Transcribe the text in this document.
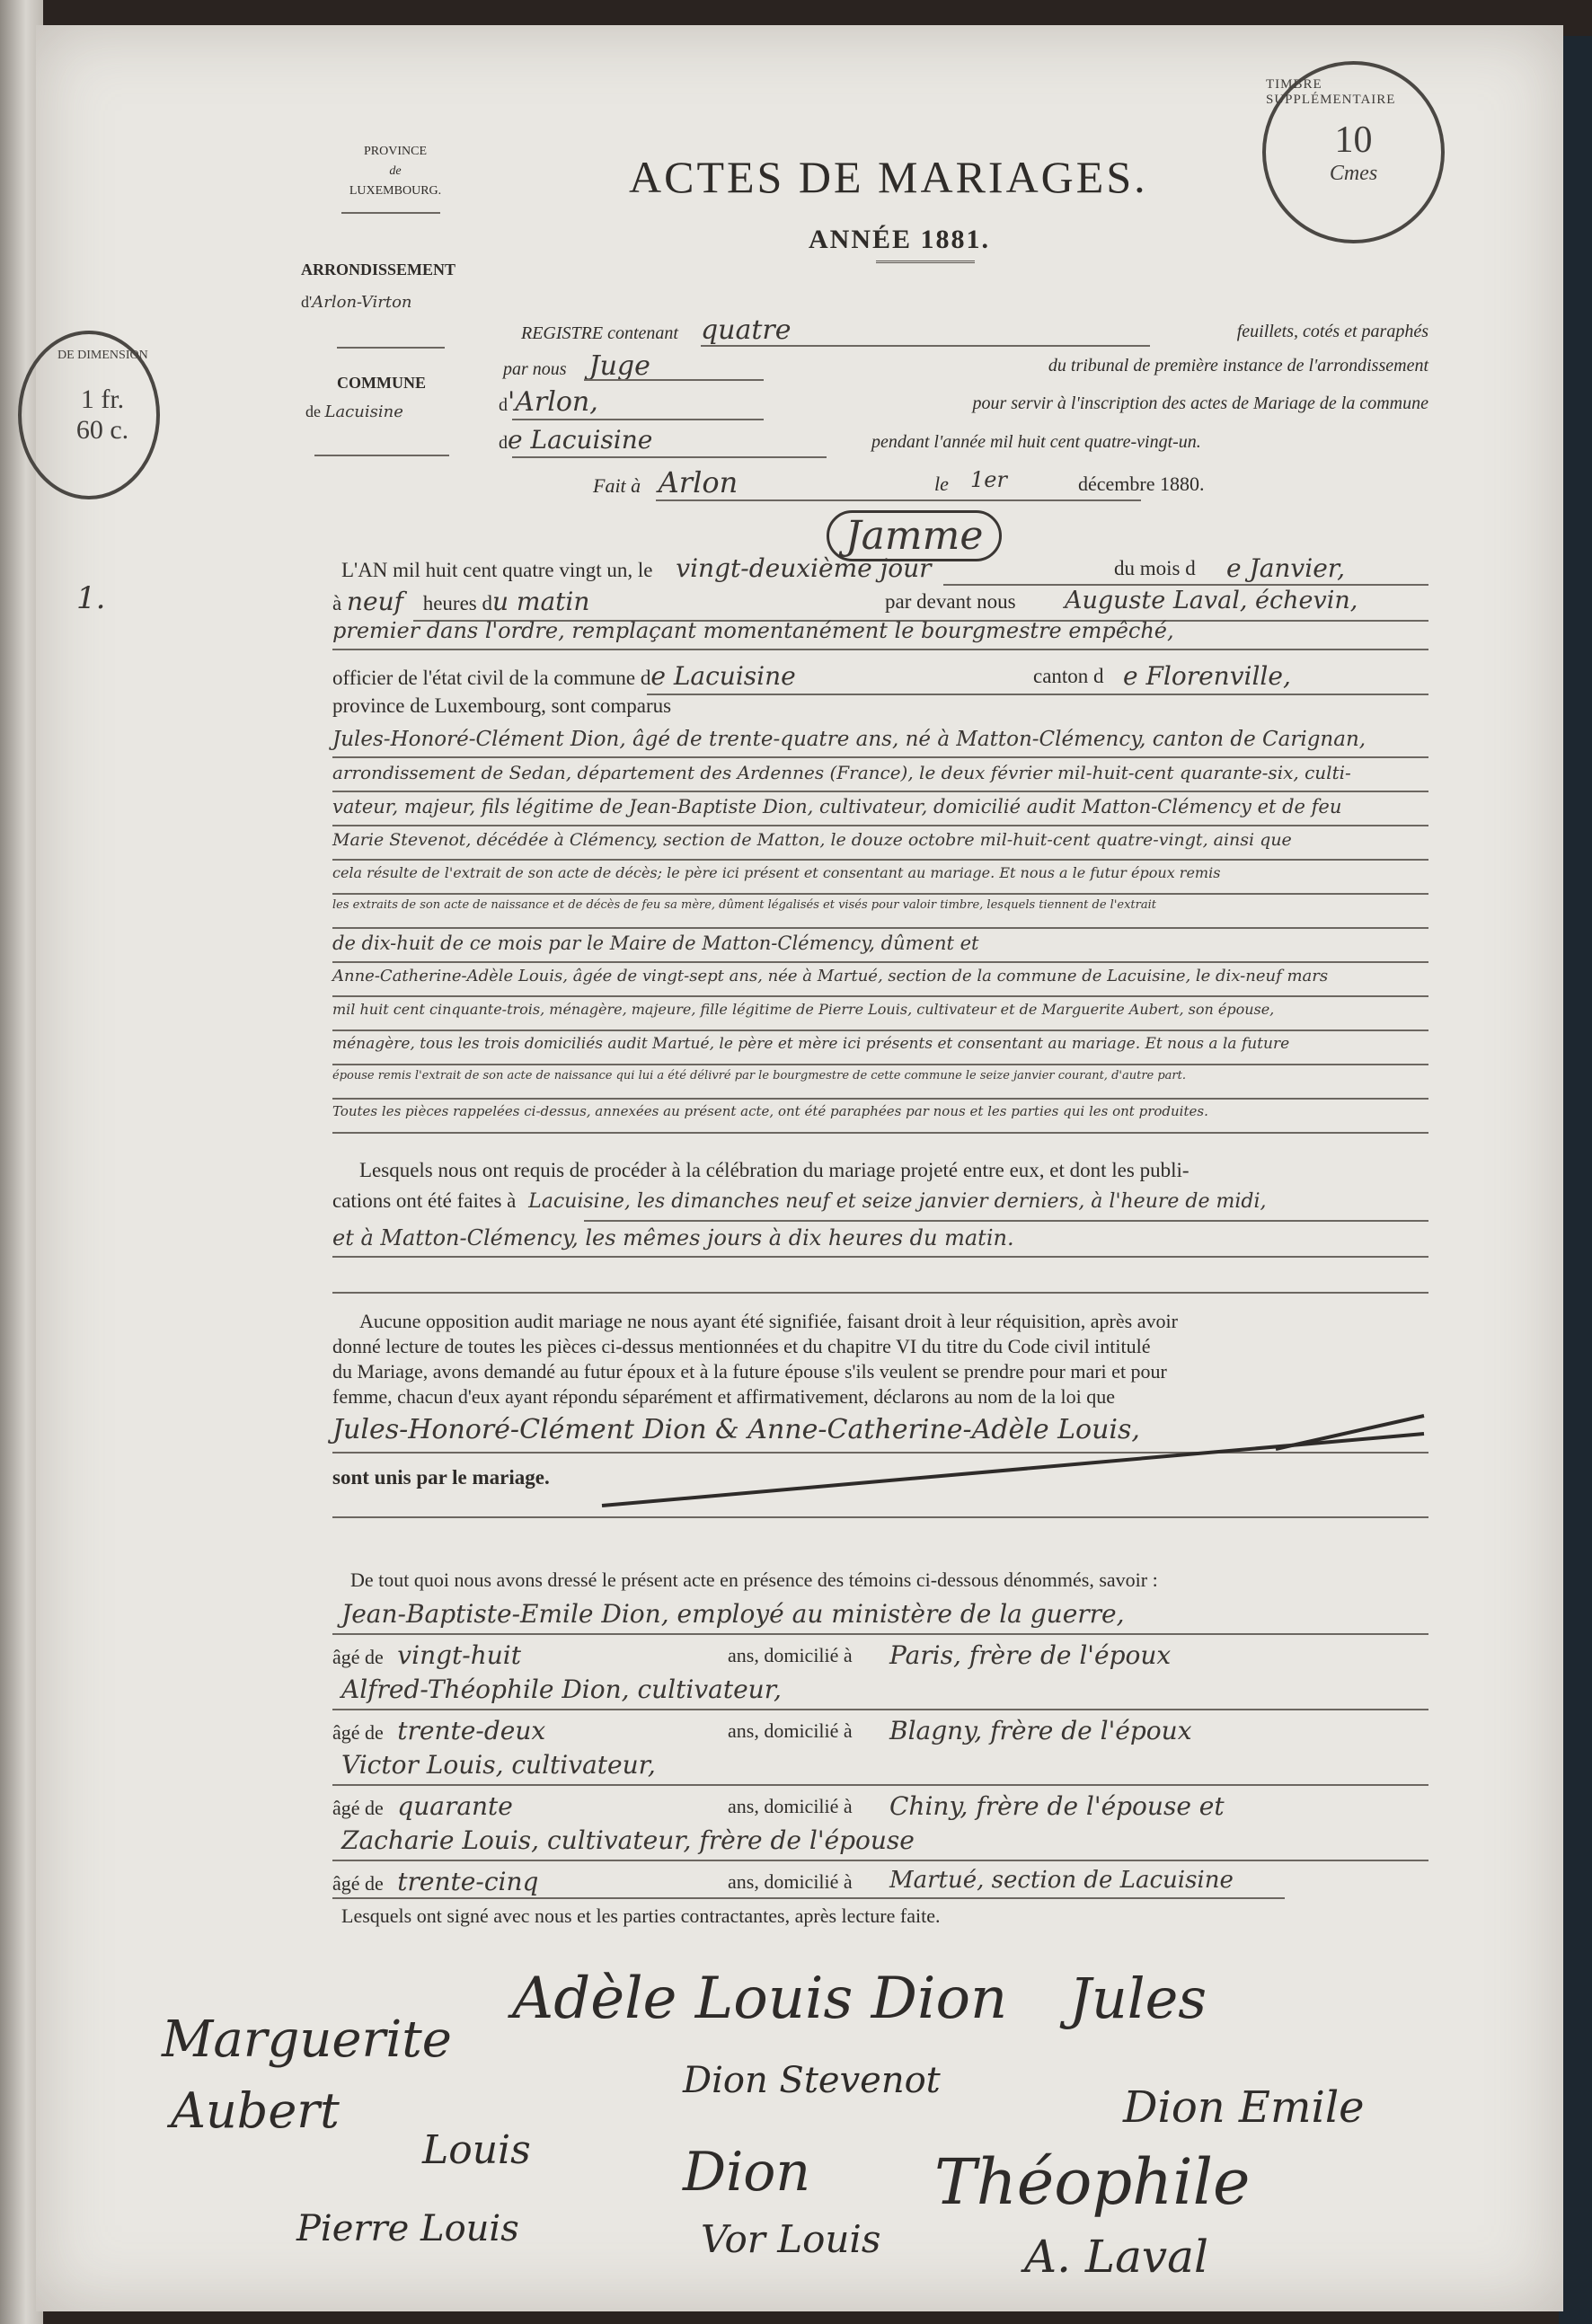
PROVINCE
de
LUXEMBOURG.
ARRONDISSEMENT
d'Arlon-Virton
COMMUNE
de Lacuisine
ACTES DE MARIAGES.
ANNÉE 1881.
TIMBRE SUPPLÉMENTAIRE
10
Cmes
DE DIMENSION
1 fr.
60 c.
1.
REGISTRE contenant quatre	feuillets, cotés et paraphés
par nous Juge	du tribunal de première instance de l'arrondissement
d'Arlon,	pour servir à l'inscription des actes de Mariage de la commune
de Lacuisine	pendant l'année mil huit cent quatre-vingt-un.
Fait à Arlon	le 1er	décembre 1880.
Jamme
L'AN mil huit cent quatre vingt un, le vingt-deuxième jour	du mois d e Janvier,
à neuf heures du matin	par devant nous Auguste Laval, échevin,
premier dans l'ordre, remplaçant momentanément le bourgmestre empêché,
officier de l'état civil de la commune de Lacuisine	canton d e Florenville,
province de Luxembourg, sont comparus
Jules-Honoré-Clément Dion, âgé de trente-quatre ans, né à Matton-Clémency, canton de Carignan,
arrondissement de Sedan, département des Ardennes (France), le deux février mil-huit-cent quarante-six, culti-
vateur, majeur, fils légitime de Jean-Baptiste Dion, cultivateur, domicilié audit Matton-Clémency et de feu
Marie Stevenot, décédée à Clémency, section de Matton, le douze octobre mil-huit-cent quatre-vingt, ainsi que
cela résulte de l'extrait de son acte de décès; le père ici présent et consentant au mariage. Et nous a le futur époux remis
les extraits de son acte de naissance et de décès de feu sa mère, dûment légalisés et visés pour valoir timbre, lesquels tiennent de l'extrait
de dix-huit de ce mois par le Maire de Matton-Clémency, dûment et
Anne-Catherine-Adèle Louis, âgée de vingt-sept ans, née à Martué, section de la commune de Lacuisine, le dix-neuf mars
mil huit cent cinquante-trois, ménagère, majeure, fille légitime de Pierre Louis, cultivateur et de Marguerite Aubert, son épouse,
ménagère, tous les trois domiciliés audit Martué, le père et mère ici présents et consentant au mariage. Et nous a la future
épouse remis l'extrait de son acte de naissance qui lui a été délivré par le bourgmestre de cette commune le seize janvier courant, d'autre part.
Toutes les pièces rappelées ci-dessus, annexées au présent acte, ont été paraphées par nous et les parties qui les ont produites.
Lesquels nous ont requis de procéder à la célébration du mariage projeté entre eux, et dont les publi-
cations ont été faites à Lacuisine, les dimanches neuf et seize janvier derniers, à l'heure de midi,
et à Matton-Clémency, les mêmes jours à dix heures du matin.
Aucune opposition audit mariage ne nous ayant été signifiée, faisant droit à leur réquisition, après avoir
donné lecture de toutes les pièces ci-dessus mentionnées et du chapitre VI du titre du Code civil intitulé
du Mariage, avons demandé au futur époux et à la future épouse s'ils veulent se prendre pour mari et pour
femme, chacun d'eux ayant répondu séparément et affirmativement, déclarons au nom de la loi que
Jules-Honoré-Clément Dion & Anne-Catherine-Adèle Louis,
sont unis par le mariage.
De tout quoi nous avons dressé le présent acte en présence des témoins ci-dessous dénommés, savoir :
Jean-Baptiste-Emile Dion, employé au ministère de la guerre,
âgé de vingt-huit	ans, domicilié à Paris, frère de l'époux
Alfred-Théophile Dion, cultivateur,
âgé de trente-deux	ans, domicilié à Blagny, frère de l'époux
Victor Louis, cultivateur,
âgé de quarante	ans, domicilié à Chiny, frère de l'épouse et
Zacharie Louis, cultivateur, frère de l'épouse
âgé de trente-cinq	ans, domicilié à Martué, section de Lacuisine
Lesquels ont signé avec nous et les parties contractantes, après lecture faite.
Marguerite
Adèle Louis Dion Jules
Aubert
Dion Stevenot
Dion Emile
Louis	Dion Théophile
Pierre Louis	Vor Louis	A. Laval
